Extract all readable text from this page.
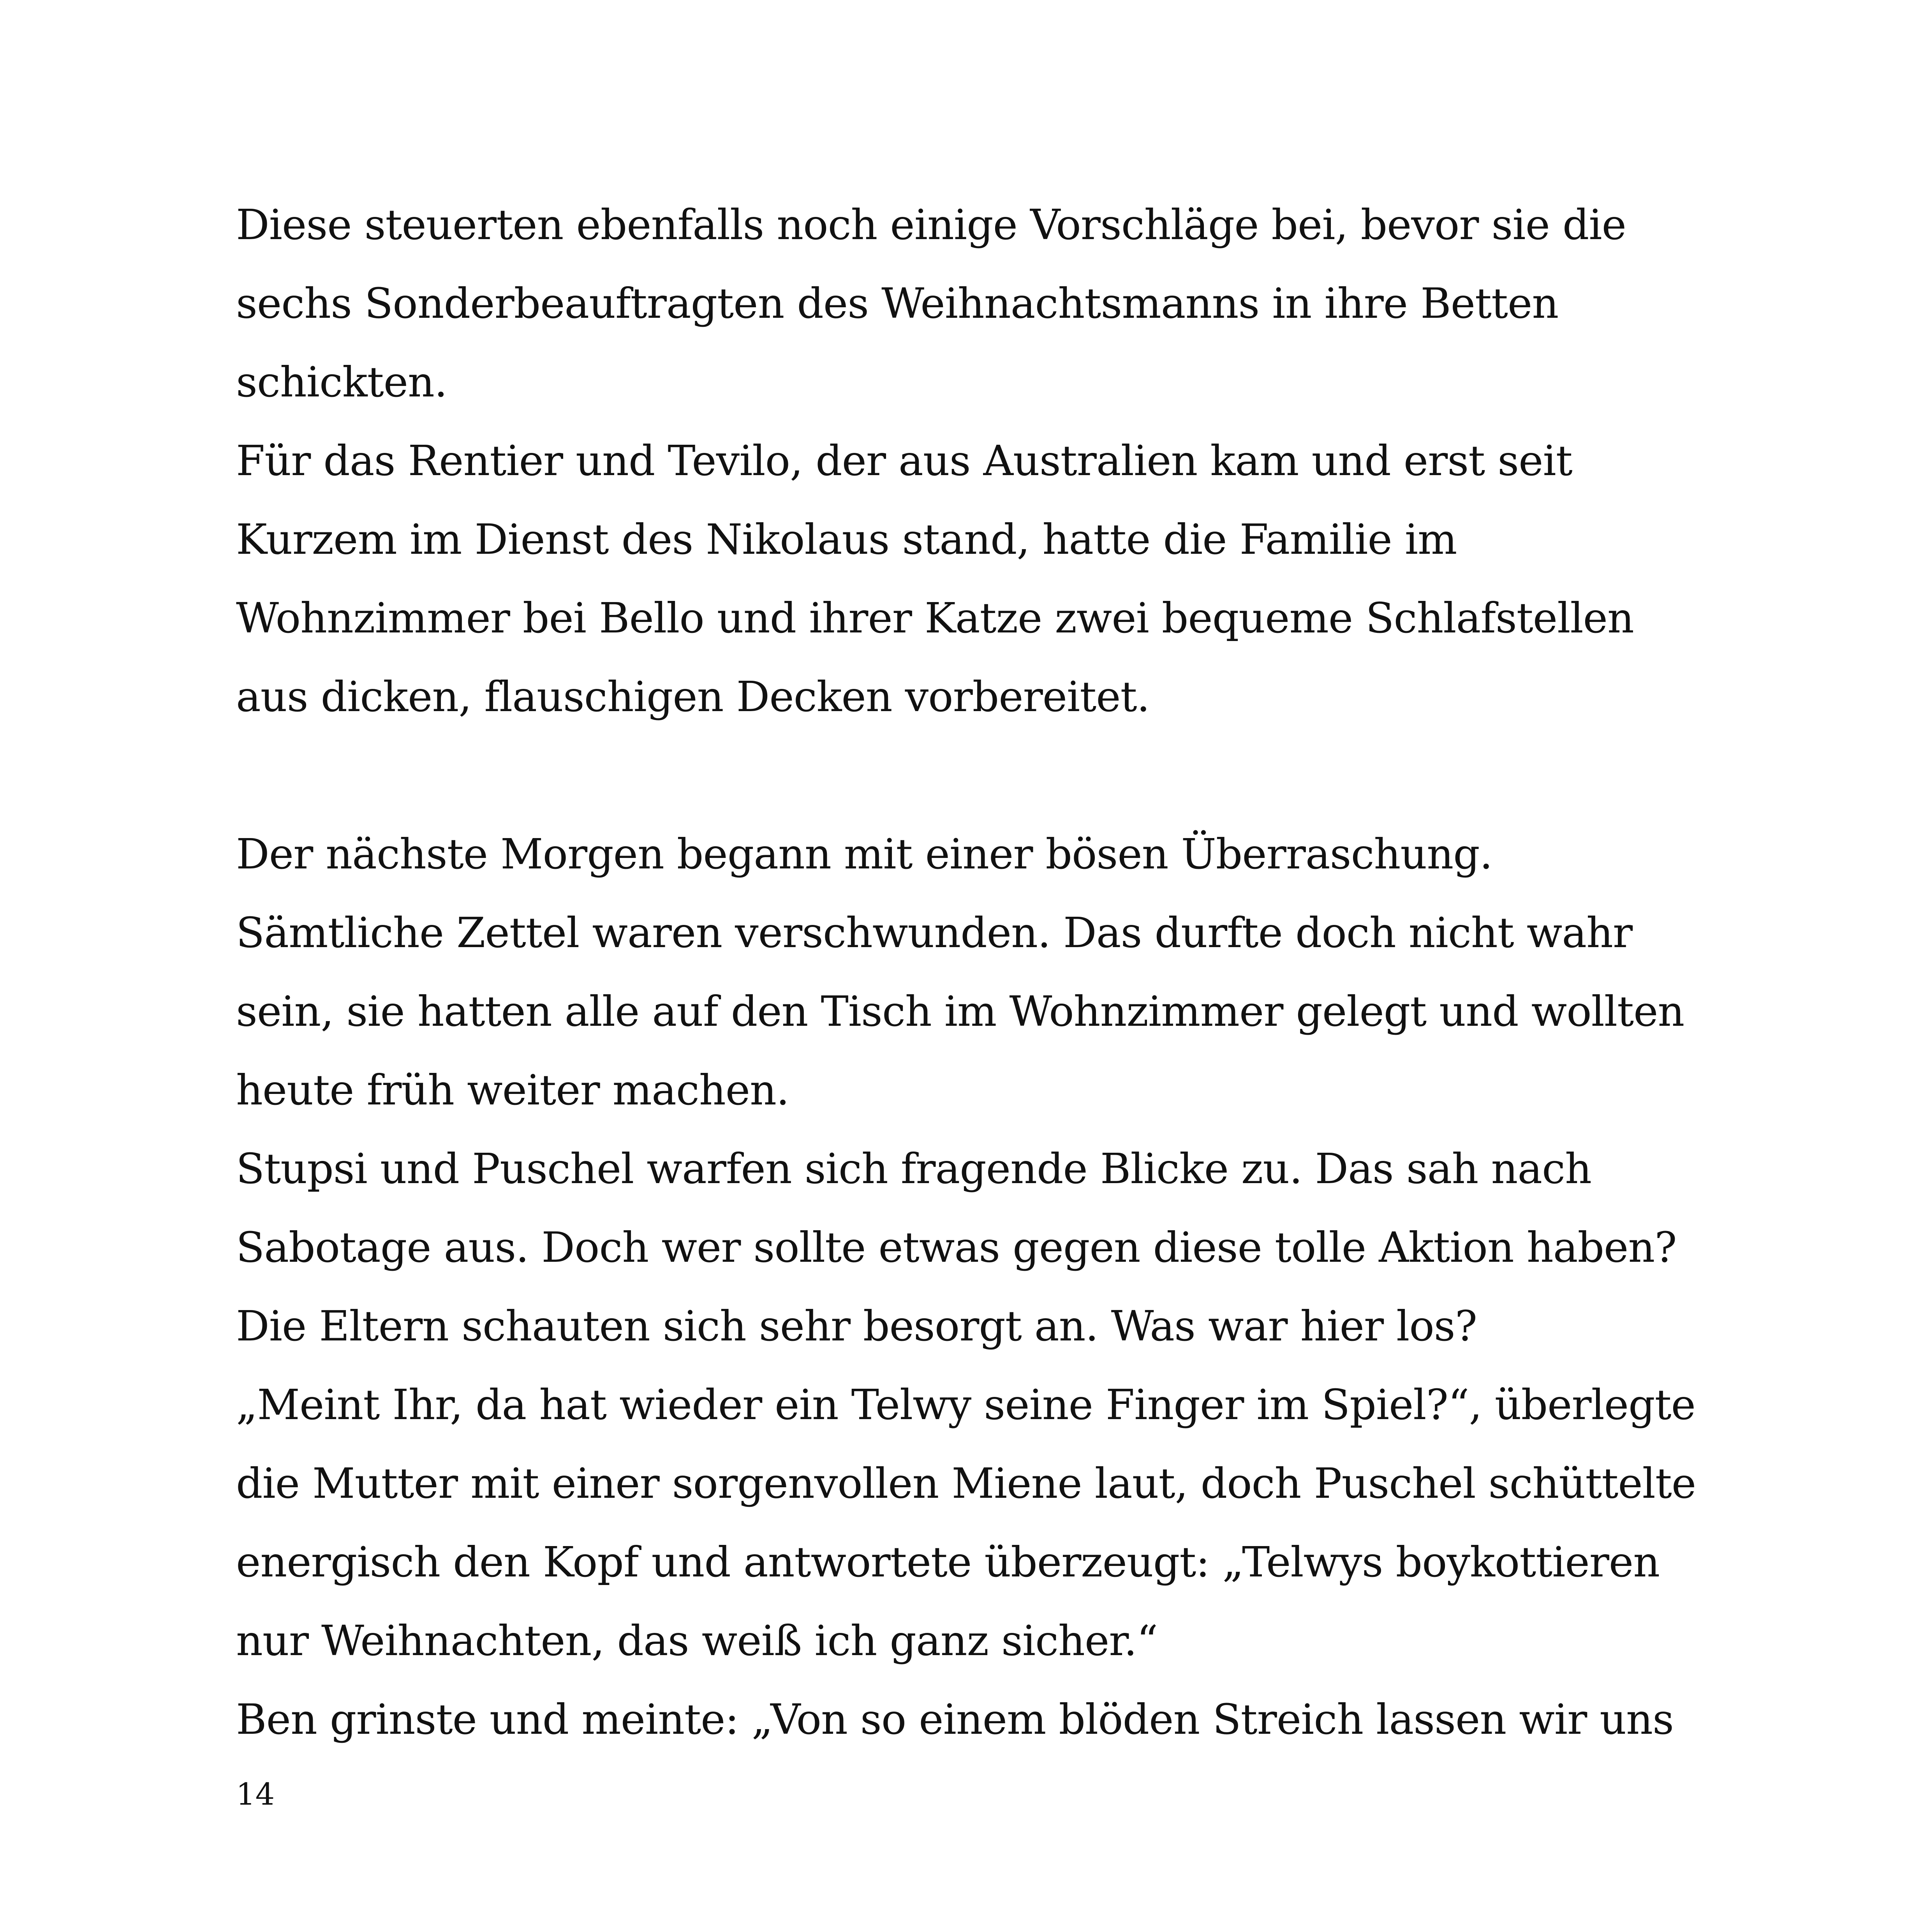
Diese steuerten ebenfalls noch einige Vorschläge bei, bevor sie die
sechs Sonderbeauftragten des Weihnachtsmanns in ihre Betten
schickten.
Für das Rentier und Tevilo, der aus Australien kam und erst seit
Kurzem im Dienst des Nikolaus stand, hatte die Familie im
Wohnzimmer bei Bello und ihrer Katze zwei bequeme Schlafstellen
aus dicken, flauschigen Decken vorbereitet.
Der nächste Morgen begann mit einer bösen Überraschung.
Sämtliche Zettel waren verschwunden. Das durfte doch nicht wahr
sein, sie hatten alle auf den Tisch im Wohnzimmer gelegt und wollten
heute früh weiter machen.
Stupsi und Puschel warfen sich fragende Blicke zu. Das sah nach
Sabotage aus. Doch wer sollte etwas gegen diese tolle Aktion haben?
Die Eltern schauten sich sehr besorgt an. Was war hier los?
„Meint Ihr, da hat wieder ein Telwy seine Finger im Spiel?“, überlegte
die Mutter mit einer sorgenvollen Miene laut, doch Puschel schüttelte
energisch den Kopf und antwortete überzeugt: „Telwys boykottieren
nur Weihnachten, das weiß ich ganz sicher.“
Ben grinste und meinte: „Von so einem blöden Streich lassen wir uns
14
